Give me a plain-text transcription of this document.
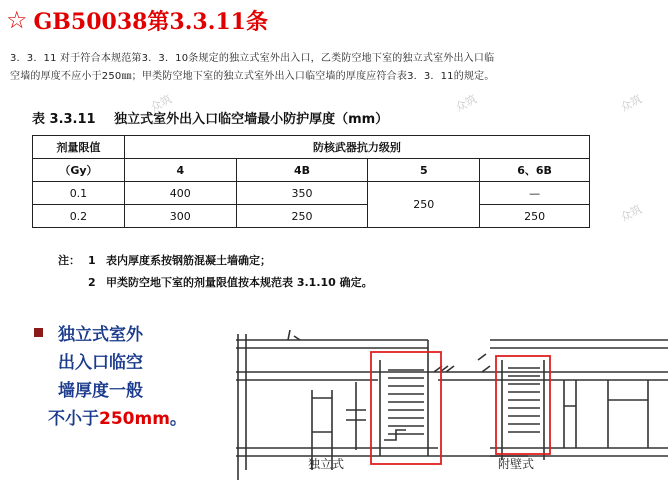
众筑	众筑
众筑
众筑
☆ GB50038第3.3.11条
3．3．11 对于符合本规范第3．3．10条规定的独立式室外出入口，乙类防空地下室的独立式室外出入口临
空墙的厚度不应小于250㎜；甲类防空地下室的独立式室外出入口临空墙的厚度应符合表3．3．11的规定。
表 3.3.11 独立式室外出入口临空墙最小防护厚度（mm）
剂量限值	防核武器抗力级别			
（Gy）	4	4B	5	6、6B
0.1	400	350	250	—
0.2	300	250		250
注： 1 表内厚度系按钢筋混凝土墙确定；
2 甲类防空地下室的剂量限值按本规范表 3.1.10 确定。
独立式室外
出入口临空
墙厚度一般
不小于250mm。
独立式	附壁式
